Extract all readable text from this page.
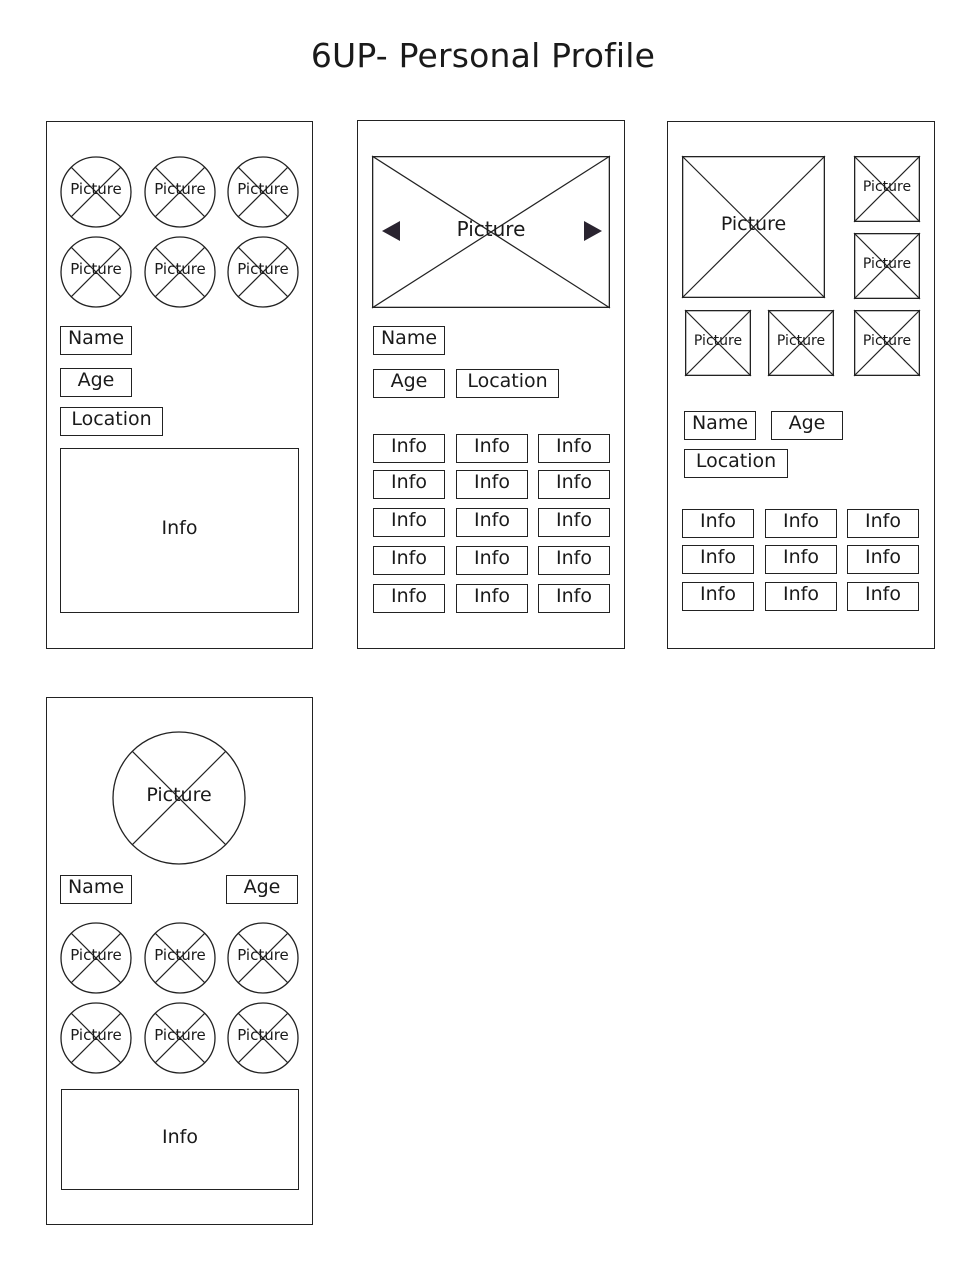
6UP- Personal Profile
Picture	Picture	Picture
Picture	Picture	Picture
Name
Age
Location
Info
Picture
Name
Age	Location
Info	Info	Info
Info	Info	Info
Info	Info	Info
Info	Info	Info
Info	Info	Info
Picture
Picture
Picture
Picture	Picture	Picture
Name	Age
Location
Info	Info	Info
Info	Info	Info
Info	Info	Info
Picture
Name	Age
Picture	Picture	Picture
Picture	Picture	Picture
Info
